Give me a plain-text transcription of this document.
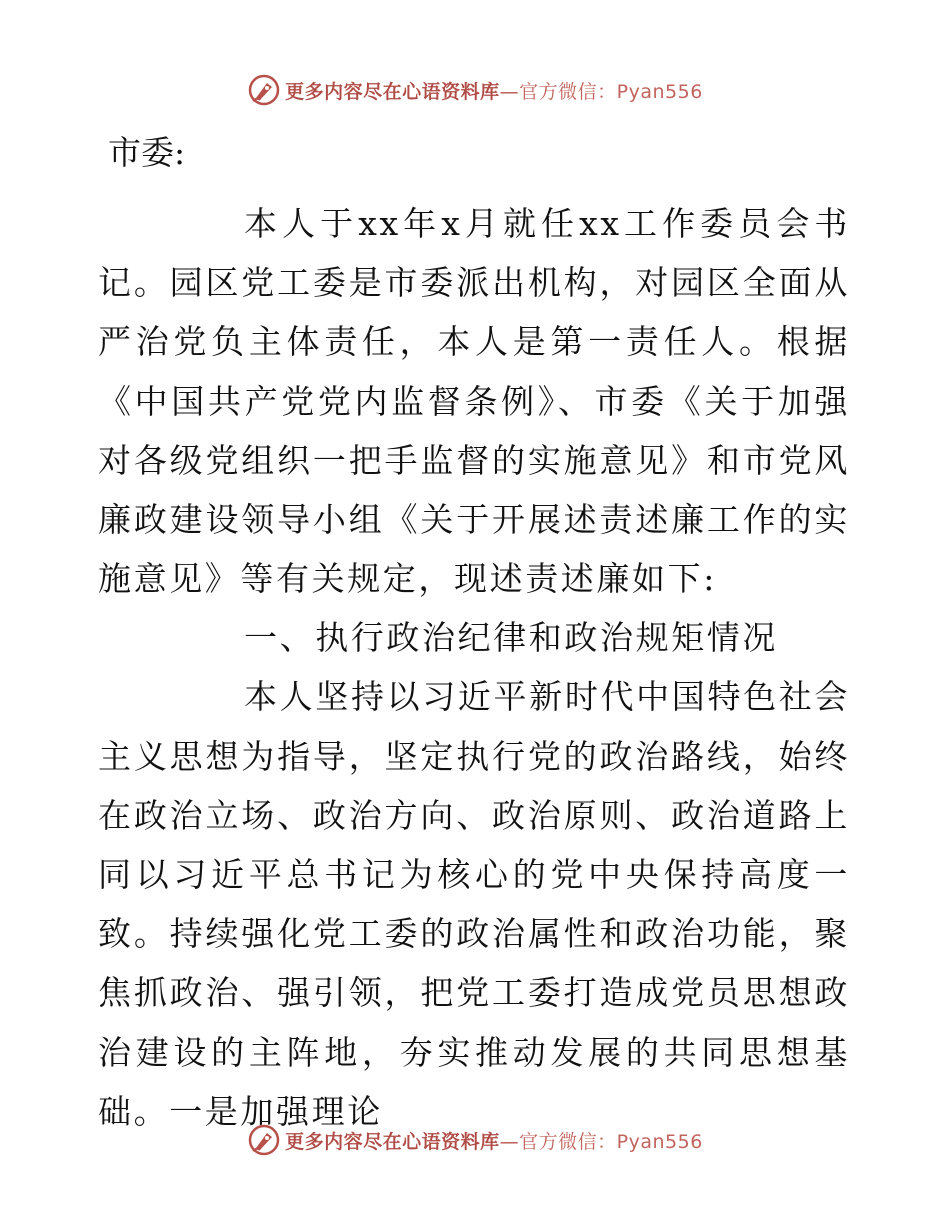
更多内容尽在心语资料库—官方微信：Pyan556
市委:

本人于xx年x月就任xx工作委员会书记。园区党工委是市委派出机构，对园区全面从严治党负主体责任，本人是第一责任人。根据《中国共产党党内监督条例》、市委《关于加强对各级党组织一把手监督的实施意见》和市党风廉政建设领导小组《关于开展述责述廉工作的实施意见》等有关规定，现述责述廉如下:

一、执行政治纪律和政治规矩情况

本人坚持以习近平新时代中国特色社会主义思想为指导，坚定执行党的政治路线，始终在政治立场、政治方向、政治原则、政治道路上同以习近平总书记为核心的党中央保持高度一致。持续强化党工委的政治属性和政治功能，聚焦抓政治、强引领，把党工委打造成党员思想政治建设的主阵地，夯实推动发展的共同思想基础。一是加强理论

更多内容尽在心语资料库—官方微信：Pyan556
